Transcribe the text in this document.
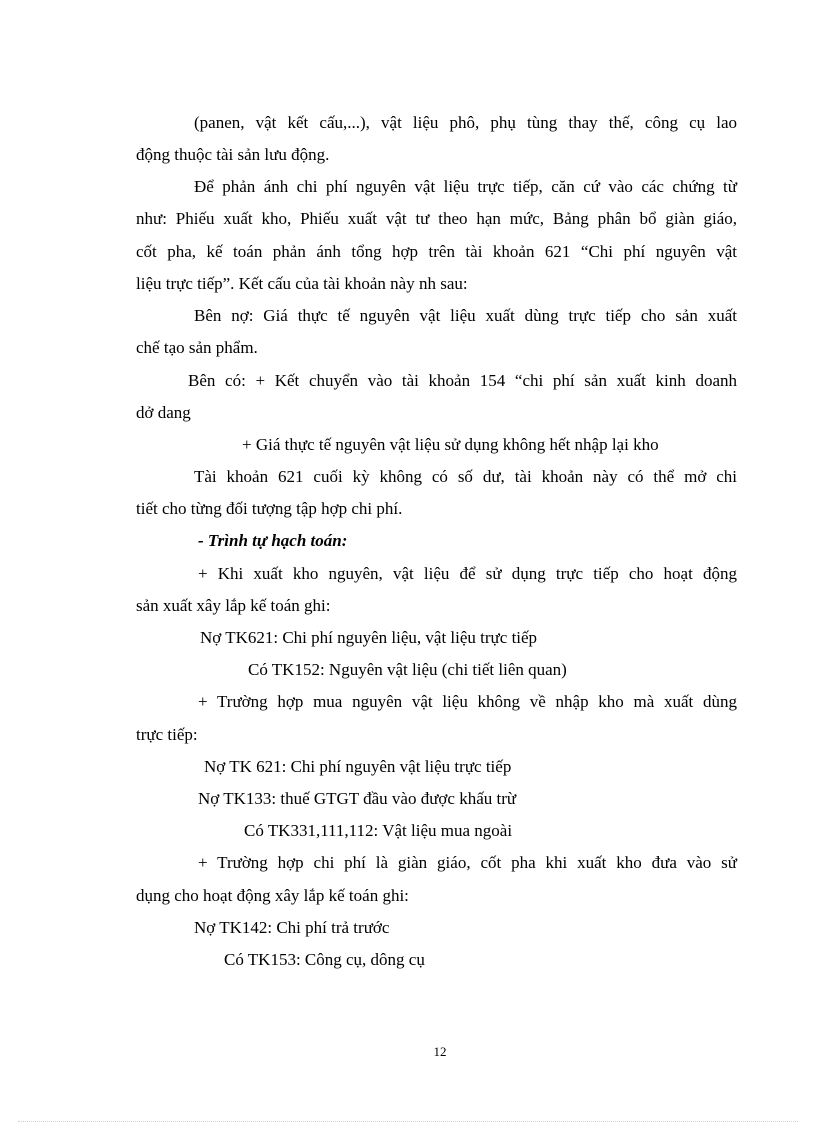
(panen, vật kết cấu,...), vật liệu phô, phụ tùng thay thế, công cụ lao
động thuộc tài sản lưu động.
Để phản ánh chi phí nguyên vật liệu trực tiếp, căn cứ vào các chứng từ
như: Phiếu xuất kho, Phiếu xuất vật tư theo hạn mức, Bảng phân bổ giàn giáo,
cốt pha, kế toán phản ánh tổng hợp trên tài khoản 621 “Chi phí nguyên vật
liệu trực tiếp”. Kết cấu của tài khoản này nh sau:
Bên nợ: Giá thực tế nguyên vật liệu xuất dùng trực tiếp cho sản xuất
chế tạo sản phẩm.
Bên có: + Kết chuyển vào tài khoản 154 “chi phí sản xuất kinh doanh
dở dang
+ Giá thực tế nguyên vật liệu sử dụng không hết nhập lại kho
Tài khoản 621 cuối kỳ không có số dư, tài khoản này có thể mở chi
tiết cho từng đối tượng tập hợp chi phí.
- Trình tự hạch toán:
+ Khi xuất kho nguyên, vật liệu để sử dụng trực tiếp cho hoạt động
sản xuất xây lắp kế toán ghi:
Nợ TK621: Chi phí nguyên liệu, vật liệu trực tiếp
Có TK152: Nguyên vật liệu (chi tiết liên quan)
+ Trường hợp mua nguyên vật liệu không về nhập kho mà xuất dùng
trực tiếp:
Nợ TK 621: Chi phí nguyên vật liệu trực tiếp
Nợ TK133: thuế GTGT đầu vào được khấu trừ
Có TK331,111,112: Vật liệu mua ngoài
+ Trường hợp chi phí là giàn giáo, cốt pha khi xuất kho đưa vào sử
dụng cho hoạt động xây lắp kế toán ghi:
Nợ TK142: Chi phí trả trước
Có TK153: Công cụ, dông cụ
12
